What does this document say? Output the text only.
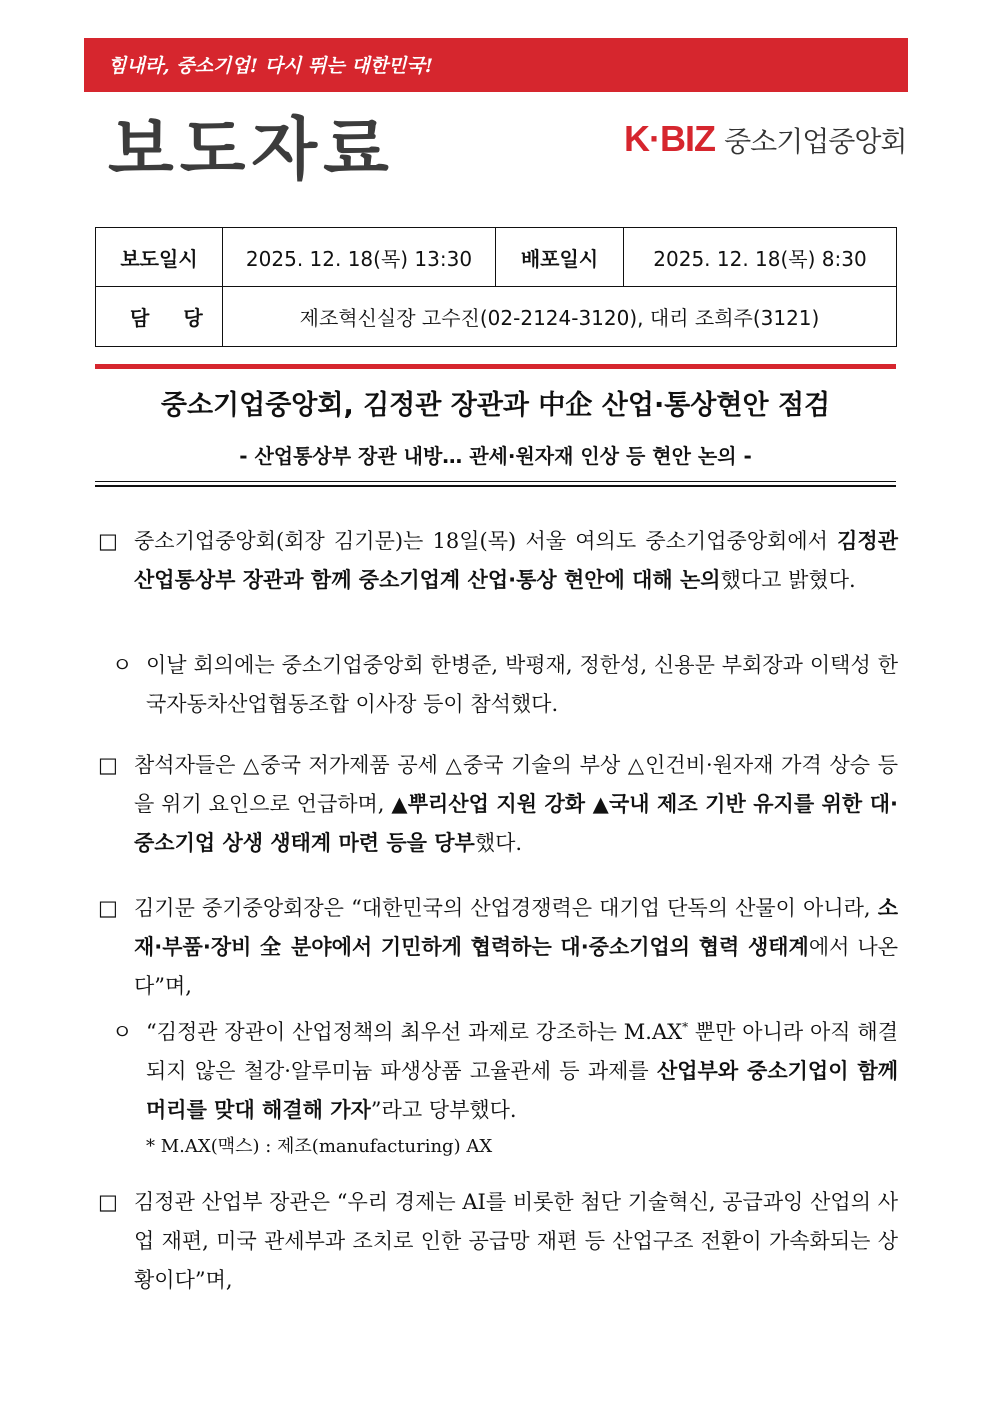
힘내라, 중소기업! 다시 뛰는 대한민국!
보도자료	K·BIZ 중소기업중앙회
보도일시	2025. 12. 18(목) 13:30	배포일시	2025. 12. 18(목) 8:30
담당	제조혁신실장 고수진(02-2124-3120), 대리 조희주(3121)		
중소기업중앙회, 김정관 장관과 中企 산업·통상현안 점검
- 산업통상부 장관 내방… 관세·원자재 인상 등 현안 논의 -
□ 중소기업중앙회(회장 김기문)는 18일(목) 서울 여의도 중소기업중앙회에서 김정관 산업통상부 장관과 함께 중소기업계 산업·통상 현안에 대해 논의했다고 밝혔다.
ㅇ 이날 회의에는 중소기업중앙회 한병준, 박평재, 정한성, 신용문 부회장과 이택성 한국자동차산업협동조합 이사장 등이 참석했다.
□ 참석자들은 △중국 저가제품 공세 △중국 기술의 부상 △인건비·원자재 가격 상승 등을 위기 요인으로 언급하며, ▲뿌리산업 지원 강화 ▲국내 제조 기반 유지를 위한 대·중소기업 상생 생태계 마련 등을 당부했다.
□ 김기문 중기중앙회장은 “대한민국의 산업경쟁력은 대기업 단독의 산물이 아니라, 소재·부품·장비 全 분야에서 기민하게 협력하는 대·중소기업의 협력 생태계에서 나온다”며,
ㅇ “김정관 장관이 산업정책의 최우선 과제로 강조하는 M.AX* 뿐만 아니라 아직 해결되지 않은 철강·알루미늄 파생상품 고율관세 등 과제를 산업부와 중소기업이 함께 머리를 맞대 해결해 가자”라고 당부했다.
* M.AX(맥스) : 제조(manufacturing) AX
□ 김정관 산업부 장관은 “우리 경제는 AI를 비롯한 첨단 기술혁신, 공급과잉 산업의 사업 재편, 미국 관세부과 조치로 인한 공급망 재편 등 산업구조 전환이 가속화되는 상황이다”며,
